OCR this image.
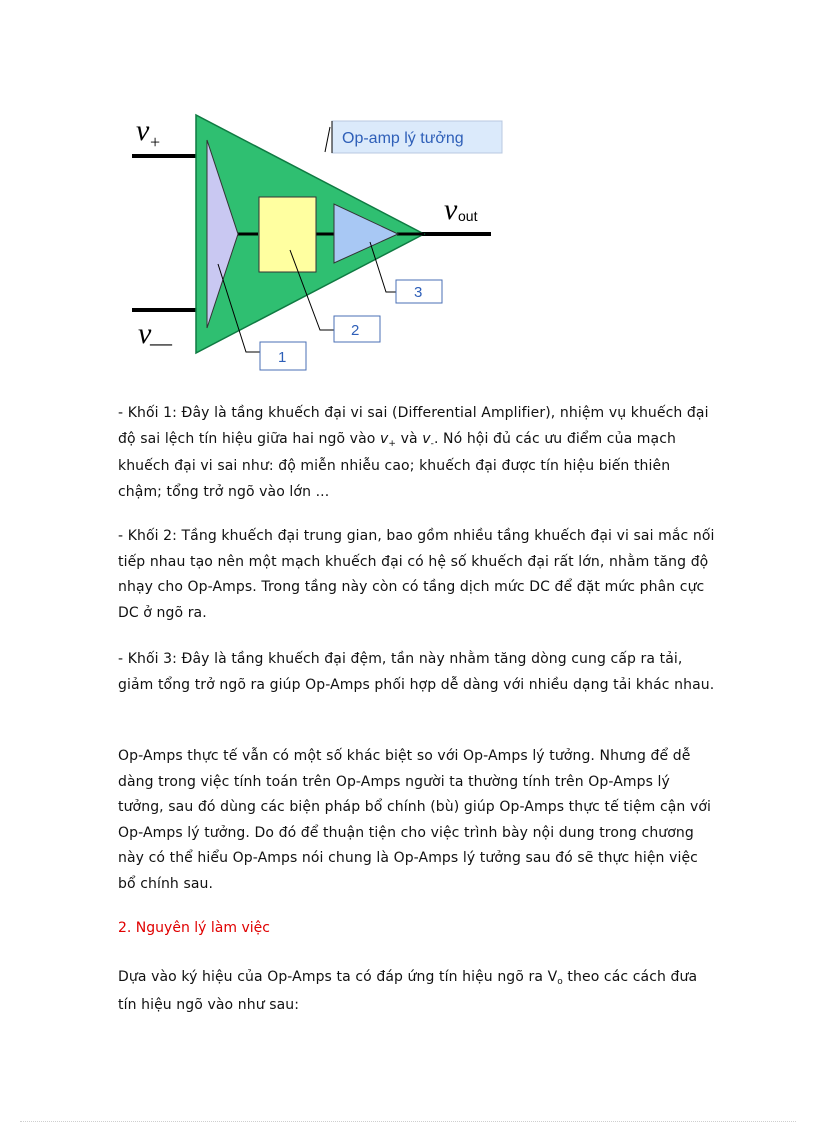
Op-amp lý tưởng
1
2
3
v +
v
—
v out

- Khối 1: Đây là tầng khuếch đại vi sai (Differential Amplifier), nhiệm vụ khuếch đại độ sai lệch tín hiệu giữa hai ngõ vào $v_+$ và $v_-$. Nó hội đủ các ưu điểm của mạch khuếch đại vi sai như: độ miễn nhiễu cao; khuếch đại được tín hiệu biến thiên chậm; tổng trở ngõ vào lớn ...

- Khối 2: Tầng khuếch đại trung gian, bao gồm nhiều tầng khuếch đại vi sai mắc nối tiếp nhau tạo nên một mạch khuếch đại có hệ số khuếch đại rất lớn, nhằm tăng độ nhạy cho Op-Amps. Trong tầng này còn có tầng dịch mức DC để đặt mức phân cực DC ở ngõ ra.

- Khối 3: Đây là tầng khuếch đại đệm, tần này nhằm tăng dòng cung cấp ra tải, giảm tổng trở ngõ ra giúp Op-Amps phối hợp dễ dàng với nhiều dạng tải khác nhau.

Op-Amps thực tế vẫn có một số khác biệt so với Op-Amps lý tưởng. Nhưng để dễ dàng trong việc tính toán trên Op-Amps người ta thường tính trên Op-Amps lý tưởng, sau đó dùng các biện pháp bổ chính (bù) giúp Op-Amps thực tế tiệm cận với Op-Amps lý tưởng. Do đó để thuận tiện cho việc trình bày nội dung trong chương này có thể hiểu Op-Amps nói chung là Op-Amps lý tưởng sau đó sẽ thực hiện việc bổ chính sau.

2. Nguyên lý làm việc

Dựa vào ký hiệu của Op-Amps ta có đáp ứng tín hiệu ngõ ra $V_o$ theo các cách đưa tín hiệu ngõ vào như sau:
